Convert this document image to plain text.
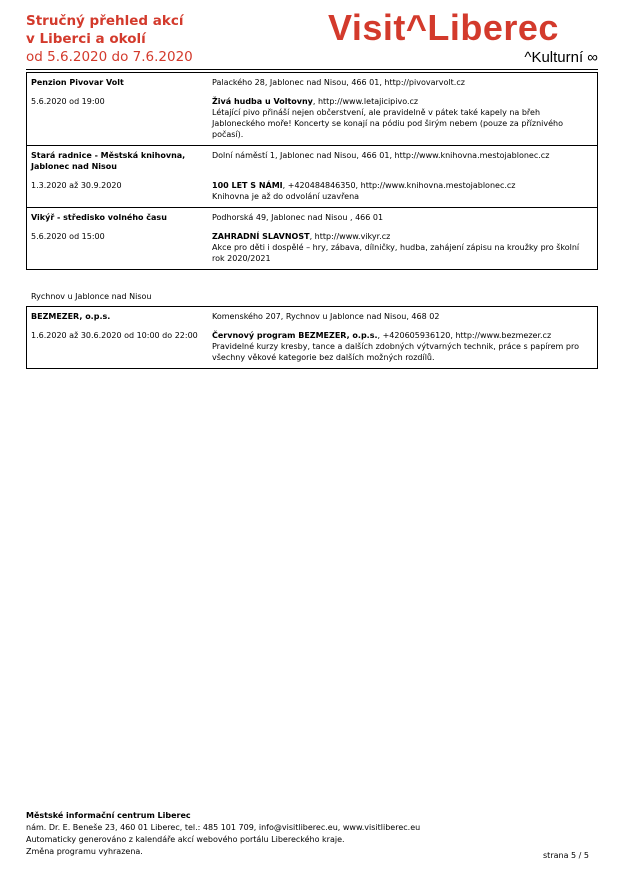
Stručný přehled akcí
v Liberci a okolí
od 5.6.2020 do 7.6.2020
Visit^Liberec
^Kulturní ∞
Penzion Pivovar Volt
5.6.2020 od 19:00
Palackého 28, Jablonec nad Nisou, 466 01, http://pivovarvolt.cz
Živá hudba u Voltovny, http://www.letajicipivo.cz
Létající pivo přináší nejen občerstvení, ale pravidelně v pátek také kapely na břeh Jabloneckého moře! Koncerty se konají na pódiu pod širým nebem (pouze za příznivého počasí).
Stará radnice - Městská knihovna, Jablonec nad Nisou
1.3.2020 až 30.9.2020
Dolní náměstí 1, Jablonec nad Nisou, 466 01, http://www.knihovna.mestojablonec.cz
100 LET S NÁMI, +420484846350, http://www.knihovna.mestojablonec.cz
Knihovna je až do odvolání uzavřena
Vikýř - středisko volného času
5.6.2020 od 15:00
Podhorská 49, Jablonec nad Nisou , 466 01
ZAHRADNÍ SLAVNOST, http://www.vikyr.cz
Akce pro děti i dospělé – hry, zábava, dílničky, hudba, zahájení zápisu na kroužky pro školní rok 2020/2021
Rychnov u Jablonce nad Nisou
BEZMEZER, o.p.s.
1.6.2020 až 30.6.2020 od 10:00 do 22:00
Komenského 207, Rychnov u Jablonce nad Nisou, 468 02
Červnový program BEZMEZER, o.p.s., +420605936120, http://www.bezmezer.cz
Pravidelné kurzy kresby, tance a dalších zdobných výtvarných technik, práce s papírem pro všechny věkové kategorie bez dalších možných rozdílů.
Městské informační centrum Liberec
nám. Dr. E. Beneše 23, 460 01 Liberec, tel.: 485 101 709, info@visitliberec.eu, www.visitliberec.eu
Automaticky generováno z kalendáře akcí webového portálu Libereckého kraje.
Změna programu vyhrazena.	strana 5 / 5
